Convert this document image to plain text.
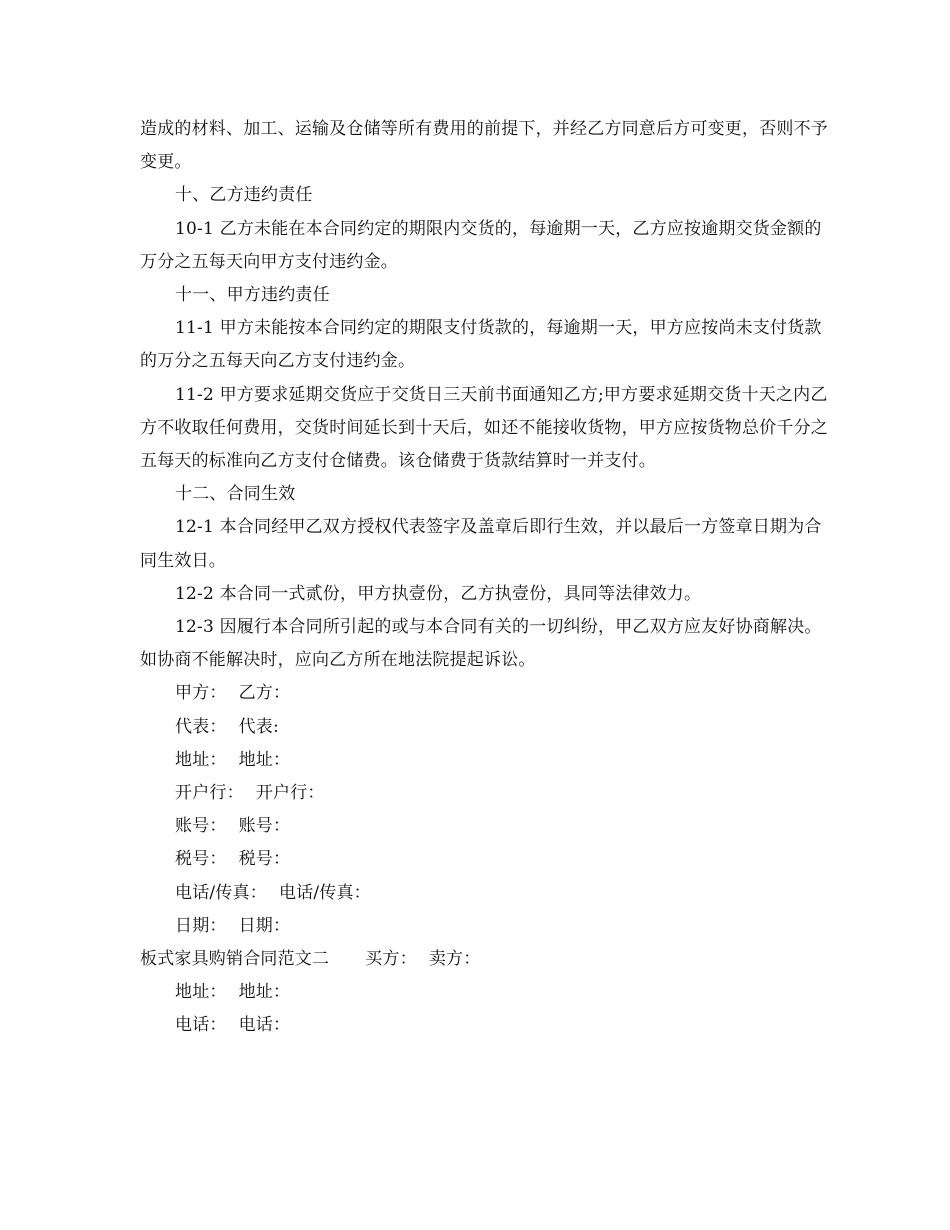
造成的材料、加工、运输及仓储等所有费用的前提下，并经乙方同意后方可变更，否则不予变更。

十、乙方违约责任

10-1 乙方未能在本合同约定的期限内交货的，每逾期一天，乙方应按逾期交货金额的 万分之五每天向甲方支付违约金。

十一、甲方违约责任

11-1 甲方未能按本合同约定的期限支付货款的，每逾期一天，甲方应按尚未支付货款的万分之五每天向乙方支付违约金。

11-2 甲方要求延期交货应于交货日三天前书面通知乙方;甲方要求延期交货十天之内乙方不收取任何费用，交货时间延长到十天后，如还不能接收货物，甲方应按货物总价千分之五每天的标准向乙方支付仓储费。该仓储费于货款结算时一并支付。

十二、合同生效

12-1 本合同经甲乙双方授权代表签字及盖章后即行生效，并以最后一方签章日期为合同生效日。

12-2 本合同一式贰份，甲方执壹份，乙方执壹份，具同等法律效力。

12-3 因履行本合同所引起的或与本合同有关的一切纠纷，甲乙双方应友好协商解决。如协商不能解决时，应向乙方所在地法院提起诉讼。

甲方： 乙方：

代表： 代表:

地址： 地址：

开户行： 开户行：

账号： 账号：

税号： 税号：

电话/传真： 电话/传真：

日期： 日期：

板式家具购销合同范文二 买方： 卖方：

地址： 地址：

电话： 电话：
